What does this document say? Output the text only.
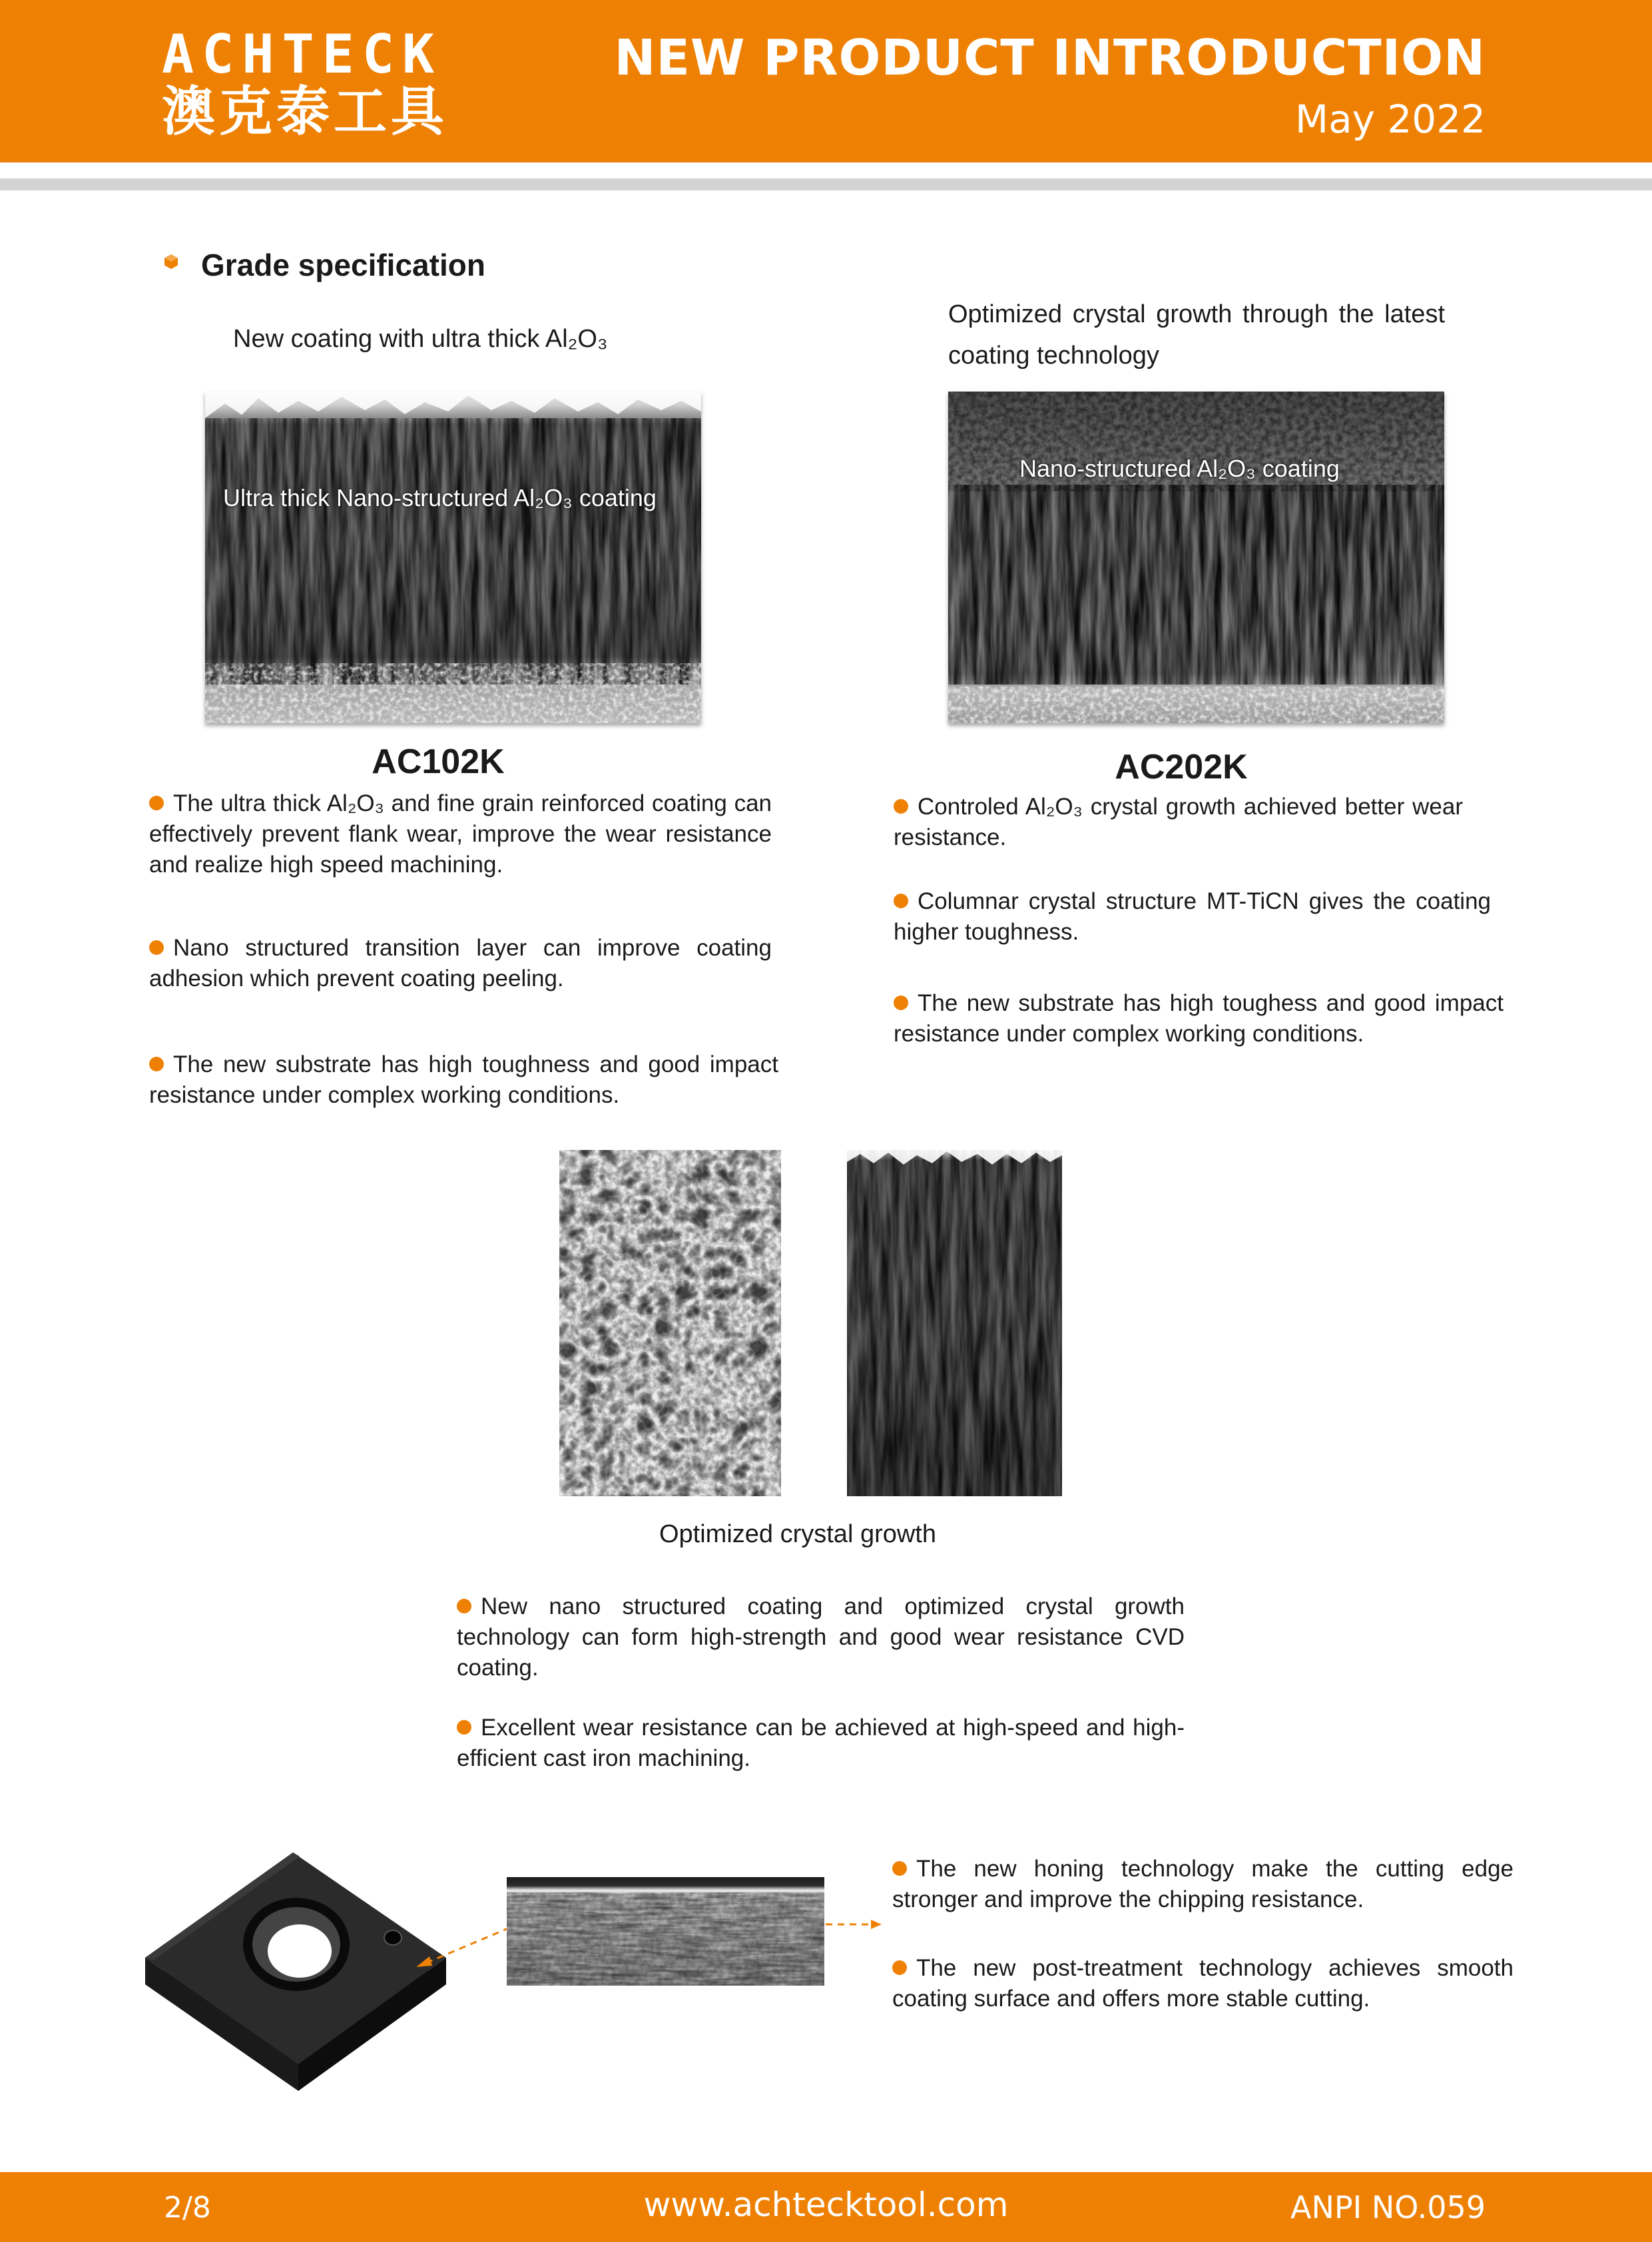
ACHTECK
澳克泰工具
NEW PRODUCT INTRODUCTION
May 2022
Grade specification
New coating with ultra thick Al₂O₃
Ultra thick Nano-structured Al₂O₃ coating
AC102K
The ultra thick Al₂O₃ and fine grain reinforced coating can effectively prevent flank wear, improve the wear resistance and realize high speed machining.
Nano structured transition layer can improve coating adhesion which prevent coating peeling.
The new substrate has high toughness and good impact resistance under complex working conditions.
Optimized crystal growth through the latest coating technology
Nano-structured Al₂O₃ coating
AC202K
Controled Al₂O₃ crystal growth achieved better wear resistance.
Columnar crystal structure MT-TiCN gives the coating higher toughness.
The new substrate has high toughess and good impact resistance under complex working conditions.
Optimized crystal growth
New nano structured coating and optimized crystal growth technology can form high-strength and good wear resistance CVD coating.
Excellent wear resistance can be achieved at high-speed and high-efficient cast iron machining.
The new honing technology make the cutting edge stronger and improve the chipping resistance.
The new post-treatment technology achieves smooth coating surface and offers more stable cutting.
2/8	www.achtecktool.com	ANPI NO.059
